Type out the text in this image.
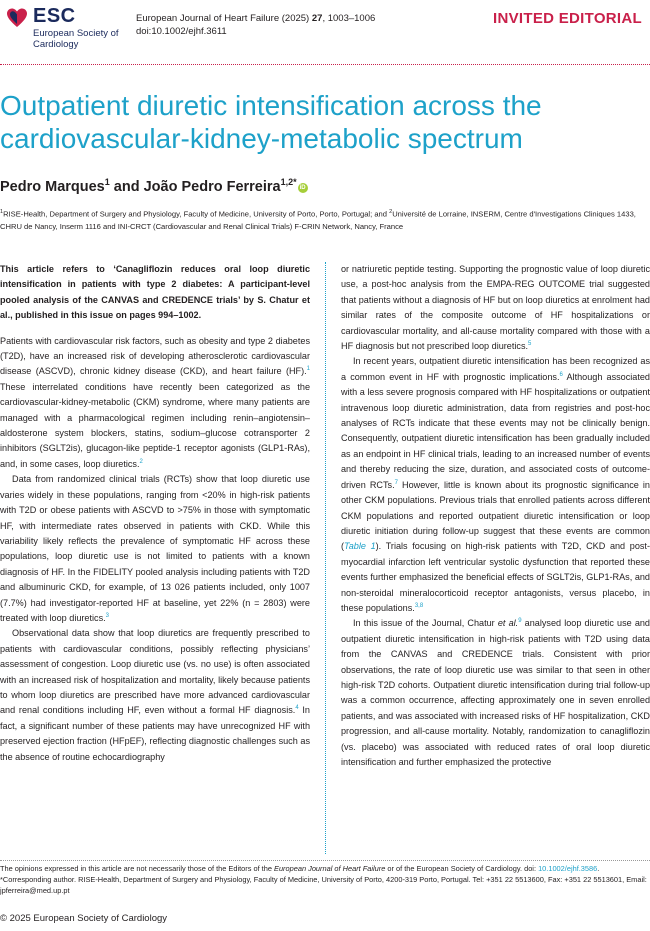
ESC
European Society of Cardiology
European Journal of Heart Failure (2025) 27, 1003–1006
doi:10.1002/ejhf.3611
INVITED EDITORIAL
Outpatient diuretic intensification across the cardiovascular-kidney-metabolic spectrum
Pedro Marques$^1$ and João Pedro Ferreira$^{1,2*}$iD
$^1$RISE-Health, Department of Surgery and Physiology, Faculty of Medicine, University of Porto, Porto, Portugal; and $^2$Université de Lorraine, INSERM, Centre d'Investigations Cliniques 1433, CHRU de Nancy, Inserm 1116 and INI-CRCT (Cardiovascular and Renal Clinical Trials) F-CRIN Network, Nancy, France

This article refers to ‘Canagliflozin reduces oral loop diuretic intensification in patients with type 2 diabetes: A participant-level pooled analysis of the CANVAS and CREDENCE trials’ by S. Chatur et al., published in this issue on pages 994–1002.

Patients with cardiovascular risk factors, such as obesity and type 2 diabetes (T2D), have an increased risk of developing atherosclerotic cardiovascular disease (ASCVD), chronic kidney disease (CKD), and heart failure (HF).$^1$ These interrelated conditions have recently been categorized as the cardiovascular-kidney-metabolic (CKM) syndrome, where many patients are managed with a pharmacological regimen including renin–angiotensin–aldosterone system blockers, statins, sodium–glucose cotransporter 2 inhibitors (SGLT2is), glucagon-like peptide-1 receptor agonists (GLP1-RAs), and, in some cases, loop diuretics.$^2$

Data from randomized clinical trials (RCTs) show that loop diuretic use varies widely in these populations, ranging from <20% in high-risk patients with T2D or obese patients with ASCVD to >75% in those with symptomatic HF, with intermediate rates observed in patients with CKD. While this variability likely reflects the prevalence of symptomatic HF across these populations, loop diuretic use is not limited to patients with a known diagnosis of HF. In the FIDELITY pooled analysis including patients with T2D and albuminuric CKD, for example, of 13 026 patients included, only 1007 (7.7%) had investigator-reported HF at baseline, yet 22% (n = 2803) were treated with loop diuretics.$^3$

Observational data show that loop diuretics are frequently prescribed to patients with cardiovascular conditions, possibly reflecting physicians’ assessment of congestion. Loop diuretic use (vs. no use) is often associated with an increased risk of hospitalization and mortality, likely because patients to whom loop diuretics are prescribed have more advanced cardiovascular and renal conditions including HF, even without a formal HF diagnosis.$^4$ In fact, a significant number of these patients may have unrecognized HF with preserved ejection fraction (HFpEF), reflecting diagnostic challenges such as the absence of routine echocardiography

or natriuretic peptide testing. Supporting the prognostic value of loop diuretic use, a post-hoc analysis from the EMPA-REG OUTCOME trial suggested that patients without a diagnosis of HF but on loop diuretics at enrolment had similar rates of the composite outcome of HF hospitalizations or cardiovascular mortality, and all-cause mortality compared with those with a HF diagnosis but not prescribed loop diuretics.$^5$

In recent years, outpatient diuretic intensification has been recognized as a common event in HF with prognostic implications.$^6$ Although associated with a less severe prognosis compared with HF hospitalizations or outpatient intravenous loop diuretic administration, data from registries and post-hoc analyses of RCTs indicate that these events may not be clinically benign. Consequently, outpatient diuretic intensification has been gradually included as an endpoint in HF clinical trials, leading to an increased number of events and thereby reducing the size, duration, and associated costs of outcome-driven RCTs.$^7$ However, little is known about its prognostic significance in other CKM populations. Previous trials that enrolled patients across different CKM populations and reported outpatient diuretic intensification or loop diuretic initiation during follow-up suggest that these events are common (Table 1). Trials focusing on high-risk patients with T2D, CKD and post-myocardial infarction left ventricular systolic dysfunction that reported these events further emphasized the beneficial effects of SGLT2is, GLP1-RAs, and non-steroidal mineralocorticoid receptor antagonists, versus placebo, in these populations.$^{3,8}$

In this issue of the Journal, Chatur et al.$^9$ analysed loop diuretic use and outpatient diuretic intensification in high-risk patients with T2D using data from the CANVAS and CREDENCE trials. Consistent with prior observations, the rate of loop diuretic use was similar to that seen in other high-risk T2D cohorts. Outpatient diuretic intensification during trial follow-up was a common occurrence, affecting approximately one in seven enrolled patients, and was associated with increased risks of HF hospitalization, CKD progression, and all-cause mortality. Notably, randomization to canagliflozin (vs. placebo) was associated with reduced rates of oral loop diuretic intensification and further emphasized the protective

The opinions expressed in this article are not necessarily those of the Editors of the European Journal of Heart Failure or of the European Society of Cardiology. doi: 10.1002/ejhf.3586.

*Corresponding author. RISE-Health, Department of Surgery and Physiology, Faculty of Medicine, University of Porto, 4200-319 Porto, Portugal. Tel: +351 22 5513600, Fax: +351 22 5513601, Email: jpferreira@med.up.pt

© 2025 European Society of Cardiology
